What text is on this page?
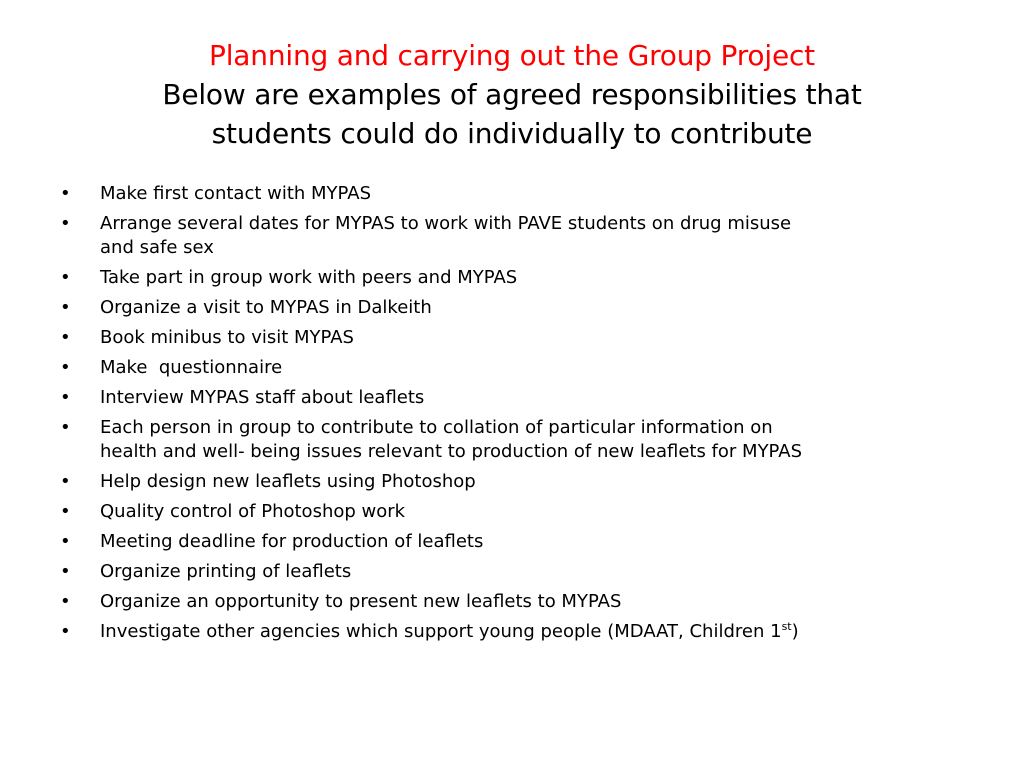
Planning and carrying out the Group Project
Below are examples of agreed responsibilities that
students could do individually to contribute
• Make first contact with MYPAS
• Arrange several dates for MYPAS to work with PAVE students on drug misuse
and safe sex
• Take part in group work with peers and MYPAS
• Organize a visit to MYPAS in Dalkeith
• Book minibus to visit MYPAS
• Make  questionnaire
• Interview MYPAS staff about leaflets
• Each person in group to contribute to collation of particular information on
health and well- being issues relevant to production of new leaflets for MYPAS
• Help design new leaflets using Photoshop
• Quality control of Photoshop work
• Meeting deadline for production of leaflets
• Organize printing of leaflets
• Organize an opportunity to present new leaflets to MYPAS
• Investigate other agencies which support young people (MDAAT, Children 1st)
